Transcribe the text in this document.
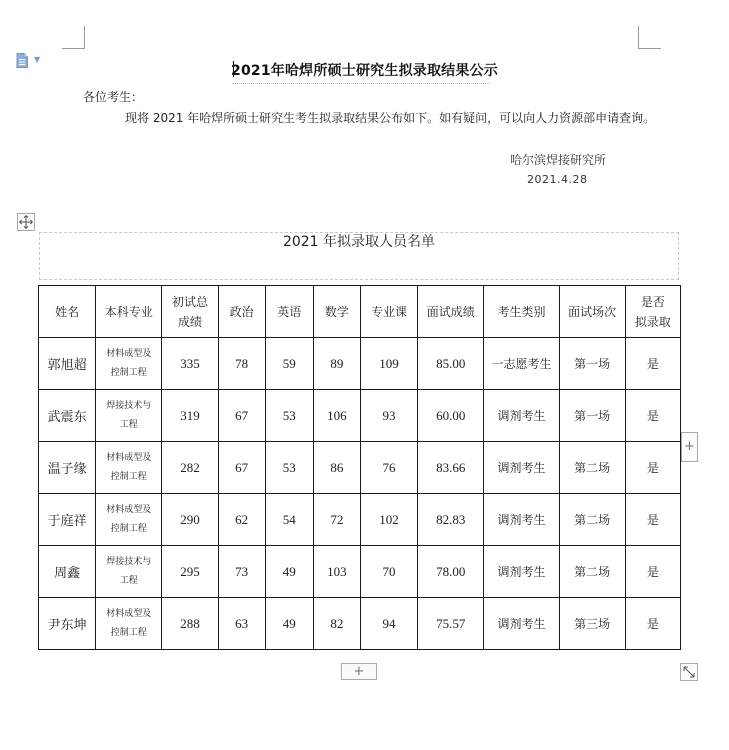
▼
2021年哈焊所硕士研究生拟录取结果公示
各位考生：
现将 2021 年哈焊所硕士研究生考生拟录取结果公布如下。如有疑问，可以向人力资源部申请查询。
哈尔滨焊接研究所
2021.4.28
2021 年拟录取人员名单
姓名	本科专业	初试总
成绩	政治	英语	数学	专业课	面试成绩	考生类别	面试场次	是否
拟录取
郭旭超	材料成型及
控制工程	335	78	59	89	109	85.00	一志愿考生	第一场	是
武震东	焊接技术与
工程	319	67	53	106	93	60.00	调剂考生	第一场	是
温子缘	材料成型及
控制工程	282	67	53	86	76	83.66	调剂考生	第二场	是
于庭祥	材料成型及
控制工程	290	62	54	72	102	82.83	调剂考生	第二场	是
周鑫	焊接技术与
工程	295	73	49	103	70	78.00	调剂考生	第二场	是
尹东坤	材料成型及
控制工程	288	63	49	82	94	75.57	调剂考生	第三场	是
+
+
